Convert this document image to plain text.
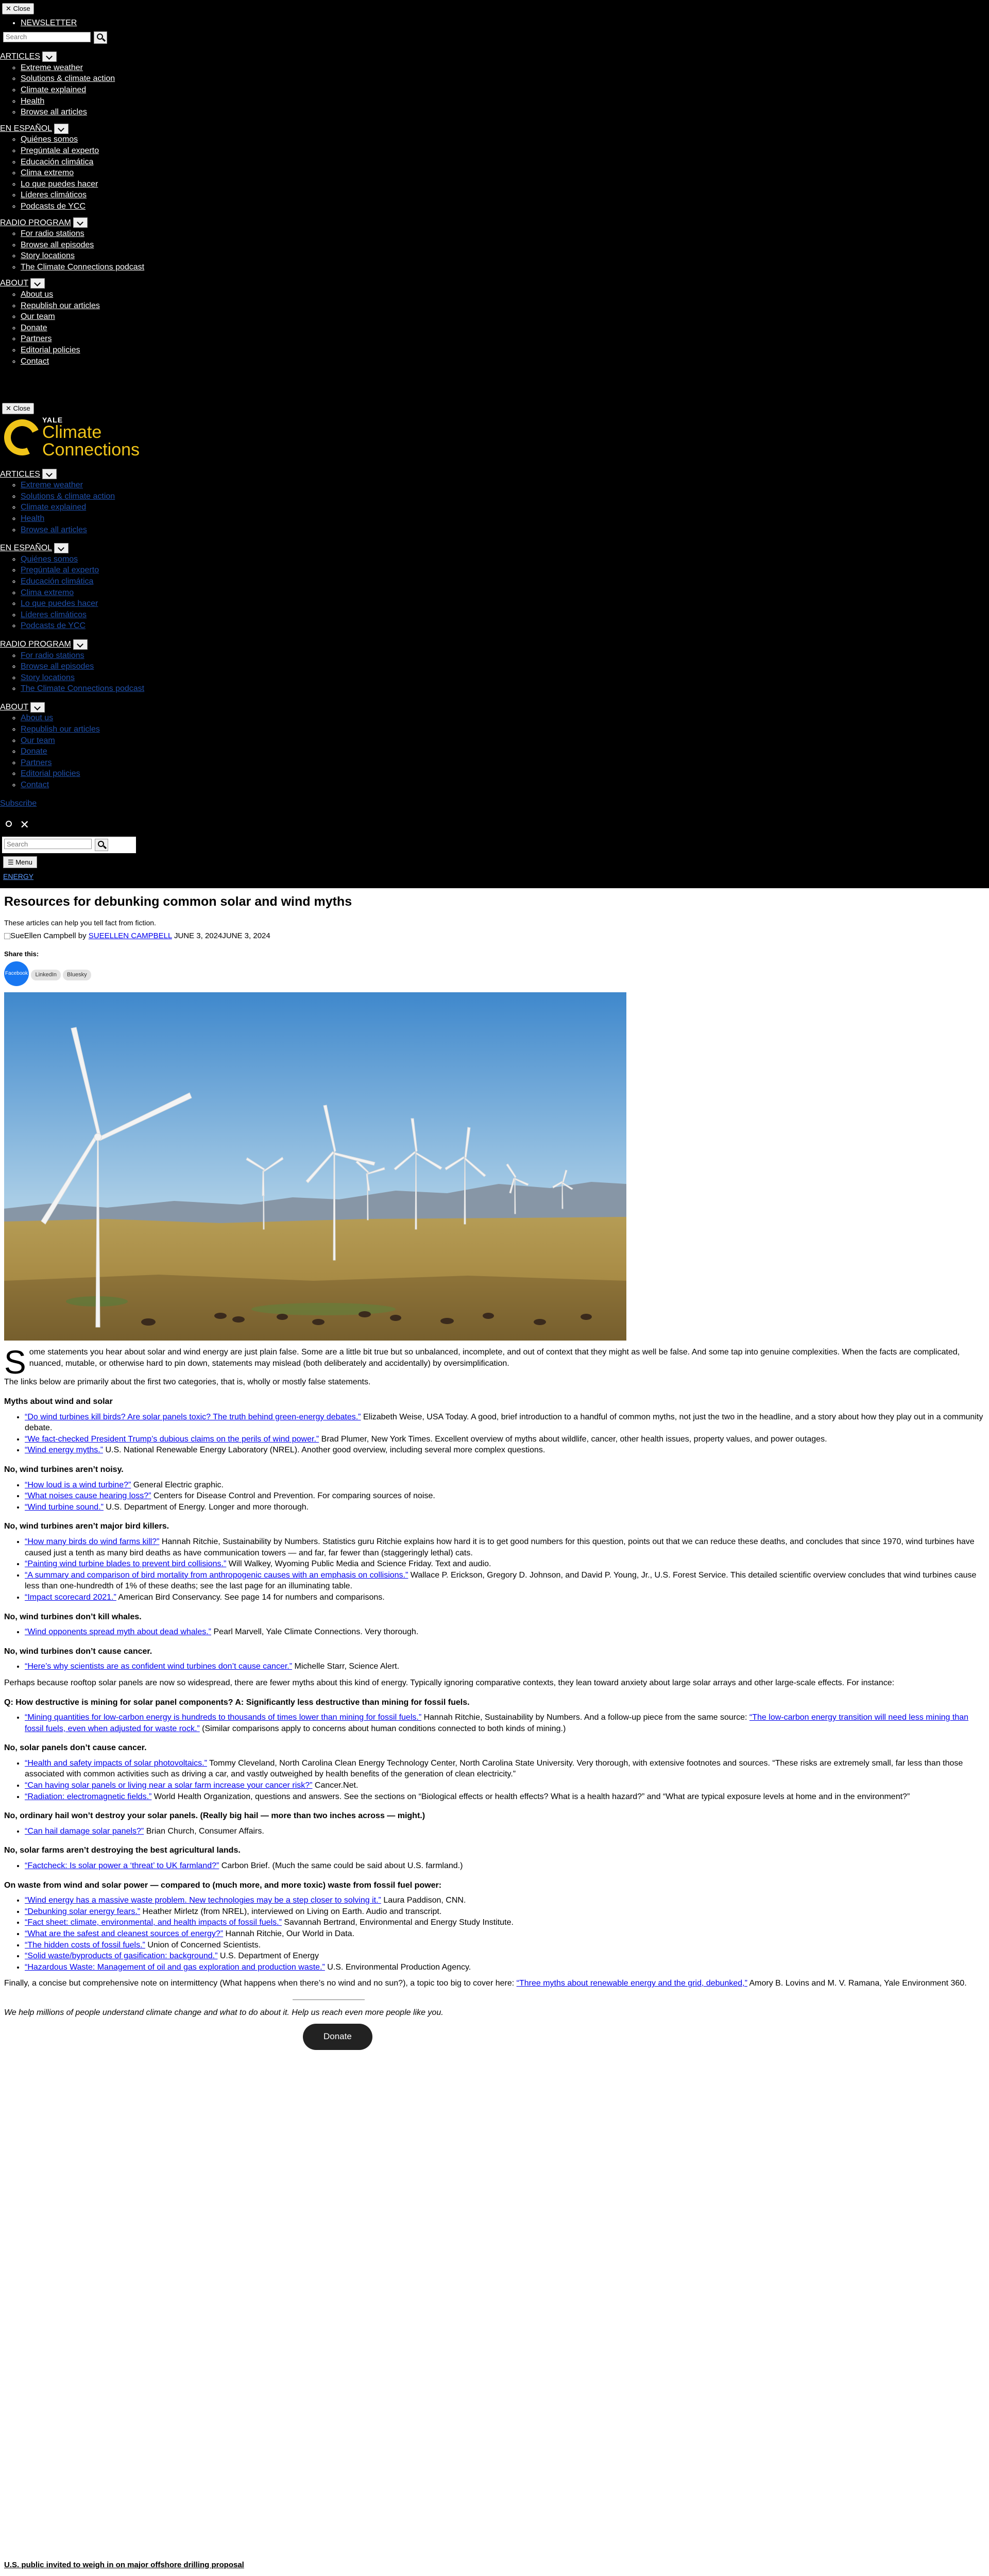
✕ Close
• NEWSLETTER
Search
• ARTICLES
◦ Extreme weather
◦ Solutions & climate action
◦ Climate explained
◦ Health
◦ Browse all articles
• EN ESPAÑOL
◦ Quiénes somos
◦ Pregúntale al experto
◦ Educación climática
◦ Clima extremo
◦ Lo que puedes hacer
◦ Líderes climáticos
◦ Podcasts de YCC
• RADIO PROGRAM
◦ For radio stations
◦ Browse all episodes
◦ Story locations
◦ The Climate Connections podcast
• ABOUT
◦ About us
◦ Republish our articles
◦ Our team
◦ Donate
◦ Partners
◦ Editorial policies
◦ Contact
•
•
✕ Close
YALE
Climate
Connections
• ARTICLES
◦ Extreme weather
◦ Solutions & climate action
◦ Climate explained
◦ Health
◦ Browse all articles
• EN ESPAÑOL
◦ Quiénes somos
◦ Pregúntale al experto
◦ Educación climática
◦ Clima extremo
◦ Lo que puedes hacer
◦ Líderes climáticos
◦ Podcasts de YCC
• RADIO PROGRAM
◦ For radio stations
◦ Browse all episodes
◦ Story locations
◦ The Climate Connections podcast
• ABOUT
◦ About us
◦ Republish our articles
◦ Our team
◦ Donate
◦ Partners
◦ Editorial policies
◦ Contact
• Subscribe
✕
Search
☰ Menu
ENERGY
Resources for debunking common solar and wind myths

These articles can help you tell fact from fiction.

SueEllen Campbell by SUEELLEN CAMPBELL JUNE 3, 2024JUNE 3, 2024

Share this:

Facebook LinkedIn Bluesky

Some statements you hear about solar and wind energy are just plain false. Some are a little bit true but so unbalanced, incomplete, and out of context that they might as well be false. And some tap into genuine complexities. When the facts are complicated, nuanced, mutable, or otherwise hard to pin down, statements may mislead (both deliberately and accidentally) by oversimplification.

The links below are primarily about the first two categories, that is, wholly or mostly false statements.

Myths about wind and solar
• “Do wind turbines kill birds? Are solar panels toxic? The truth behind green-energy debates.” Elizabeth Weise, USA Today. A good, brief introduction to a handful of common myths, not just the two in the headline, and a story about how they play out in a community debate.
• “We fact-checked President Trump’s dubious claims on the perils of wind power.” Brad Plumer, New York Times. Excellent overview of myths about wildlife, cancer, other health issues, property values, and power outages.
• “Wind energy myths.” U.S. National Renewable Energy Laboratory (NREL). Another good overview, including several more complex questions.
No, wind turbines aren’t noisy.
• “How loud is a wind turbine?” General Electric graphic.
• “What noises cause hearing loss?” Centers for Disease Control and Prevention. For comparing sources of noise.
• “Wind turbine sound.” U.S. Department of Energy. Longer and more thorough.
No, wind turbines aren’t major bird killers.
• “How many birds do wind farms kill?” Hannah Ritchie, Sustainability by Numbers. Statistics guru Ritchie explains how hard it is to get good numbers for this question, points out that we can reduce these deaths, and concludes that since 1970, wind turbines have caused just a tenth as many bird deaths as have communication towers — and far, far fewer than (staggeringly lethal) cats.
• “Painting wind turbine blades to prevent bird collisions.” Will Walkey, Wyoming Public Media and Science Friday. Text and audio.
• “A summary and comparison of bird mortality from anthropogenic causes with an emphasis on collisions.” Wallace P. Erickson, Gregory D. Johnson, and David P. Young, Jr., U.S. Forest Service. This detailed scientific overview concludes that wind turbines cause less than one-hundredth of 1% of these deaths; see the last page for an illuminating table.
• “Impact scorecard 2021.” American Bird Conservancy. See page 14 for numbers and comparisons.
No, wind turbines don’t kill whales.
• “Wind opponents spread myth about dead whales.” Pearl Marvell, Yale Climate Connections. Very thorough.
No, wind turbines don’t cause cancer.
• “Here’s why scientists are as confident wind turbines don’t cause cancer.” Michelle Starr, Science Alert.

Perhaps because rooftop solar panels are now so widespread, there are fewer myths about this kind of energy. Typically ignoring comparative contexts, they lean toward anxiety about large solar arrays and other large-scale effects. For instance:

Q: How destructive is mining for solar panel components? A: Significantly less destructive than mining for fossil fuels.
• “Mining quantities for low-carbon energy is hundreds to thousands of times lower than mining for fossil fuels.” Hannah Ritchie, Sustainability by Numbers. And a follow-up piece from the same source: “The low-carbon energy transition will need less mining than fossil fuels, even when adjusted for waste rock.” (Similar comparisons apply to concerns about human conditions connected to both kinds of mining.)
No, solar panels don’t cause cancer.
• “Health and safety impacts of solar photovoltaics.” Tommy Cleveland, North Carolina Clean Energy Technology Center, North Carolina State University. Very thorough, with extensive footnotes and sources. “These risks are extremely small, far less than those associated with common activities such as driving a car, and vastly outweighed by health benefits of the generation of clean electricity.”
• “Can having solar panels or living near a solar farm increase your cancer risk?” Cancer.Net.
• “Radiation: electromagnetic fields.” World Health Organization, questions and answers. See the sections on “Biological effects or health effects? What is a health hazard?” and “What are typical exposure levels at home and in the environment?”
No, ordinary hail won’t destroy your solar panels. (Really big hail — more than two inches across — might.)
• “Can hail damage solar panels?” Brian Church, Consumer Affairs.
No, solar farms aren’t destroying the best agricultural lands.
• “Factcheck: Is solar power a ‘threat’ to UK farmland?” Carbon Brief. (Much the same could be said about U.S. farmland.)
On waste from wind and solar power — compared to (much more, and more toxic) waste from fossil fuel power:
• “Wind energy has a massive waste problem. New technologies may be a step closer to solving it.” Laura Paddison, CNN.
• “Debunking solar energy fears.” Heather Mirletz (from NREL), interviewed on Living on Earth. Audio and transcript.
• “Fact sheet: climate, environmental, and health impacts of fossil fuels.” Savannah Bertrand, Environmental and Energy Study Institute.
• “What are the safest and cleanest sources of energy?” Hannah Ritchie, Our World in Data.
• “The hidden costs of fossil fuels.” Union of Concerned Scientists.
• “Solid waste/byproducts of gasification: background.” U.S. Department of Energy
• “Hazardous Waste: Management of oil and gas exploration and production waste.” U.S. Environmental Production Agency.

Finally, a concise but comprehensive note on intermittency (What happens when there’s no wind and no sun?), a topic too big to cover here: “Three myths about renewable energy and the grid, debunked,” Amory B. Lovins and M. V. Ramana, Yale Environment 360.

We help millions of people understand climate change and what to do about it. Help us reach even more people like you.

Donate

U.S. public invited to weigh in on major offshore drilling proposal
